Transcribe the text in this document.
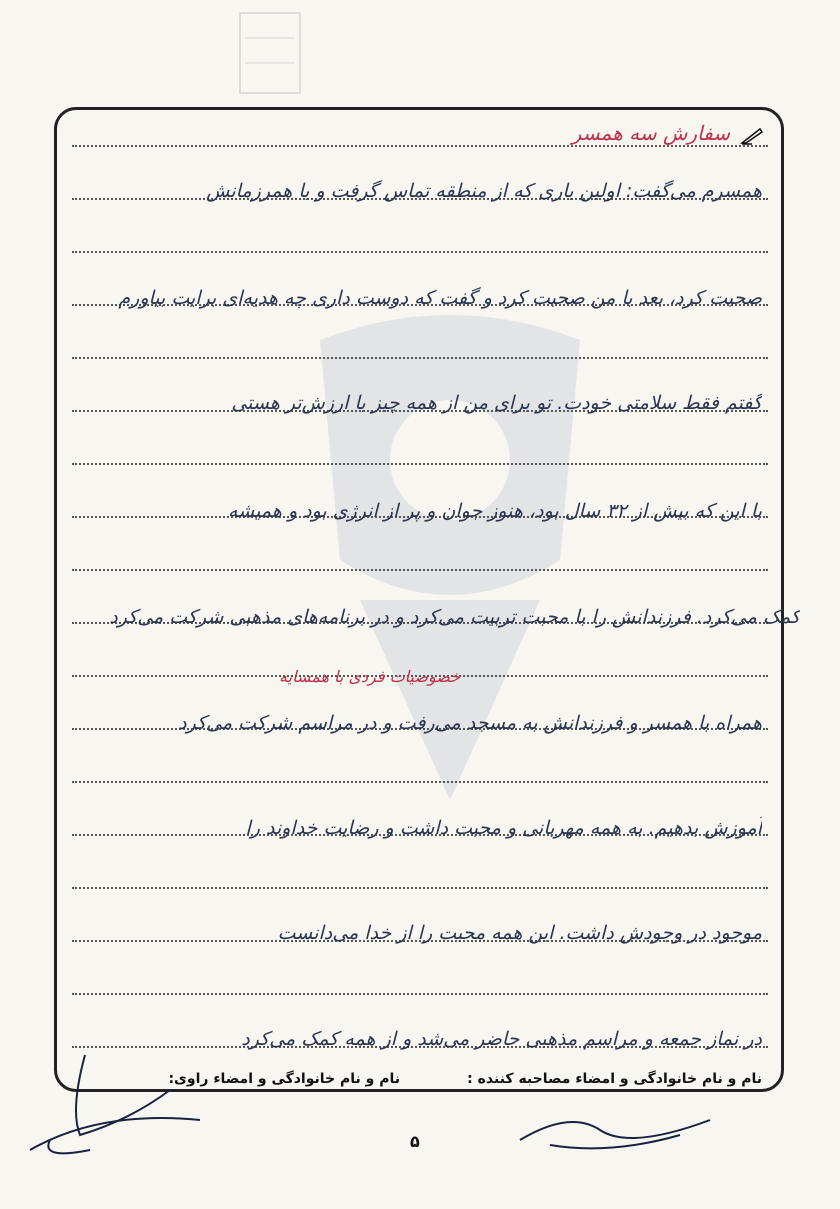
سفارش سه همسر
همسرم می‌گفت: اولین باری که از منطقه تماس گرفت و با همرزمانش
صحبت کرد، بعد با من صحبت کرد و گفت که دوست داری چه هدیه‌ای برایت بیاورم
گفتم فقط سلامتی خودت. تو برای من از همه چیز با ارزش‌تر هستی
با این که بیش از ۳۲ سال بود، هنوز جوان و پر از انرژی بود و همیشه
کمک می‌کرد. فرزندانش را با محبت تربیت می‌کرد و در برنامه‌های مذهبی شرکت می‌کرد
خصوصیات فردی با همسایه
همراه با همسر و فرزندانش به مسجد می‌رفت و در مراسم شرکت می‌کرد
آموزش بدهیم. به همه مهربانی و محبت داشت و رضایت خداوند را
موجود در وجودش داشت. این همه محبت را از خدا می‌دانست
در نماز جمعه و مراسم مذهبی حاضر می‌شد و از همه کمک می‌کرد
نام و نام خانوادگی و امضاء مصاحبه کننده :
نام و نام خانوادگی و امضاء راوی:
۵
